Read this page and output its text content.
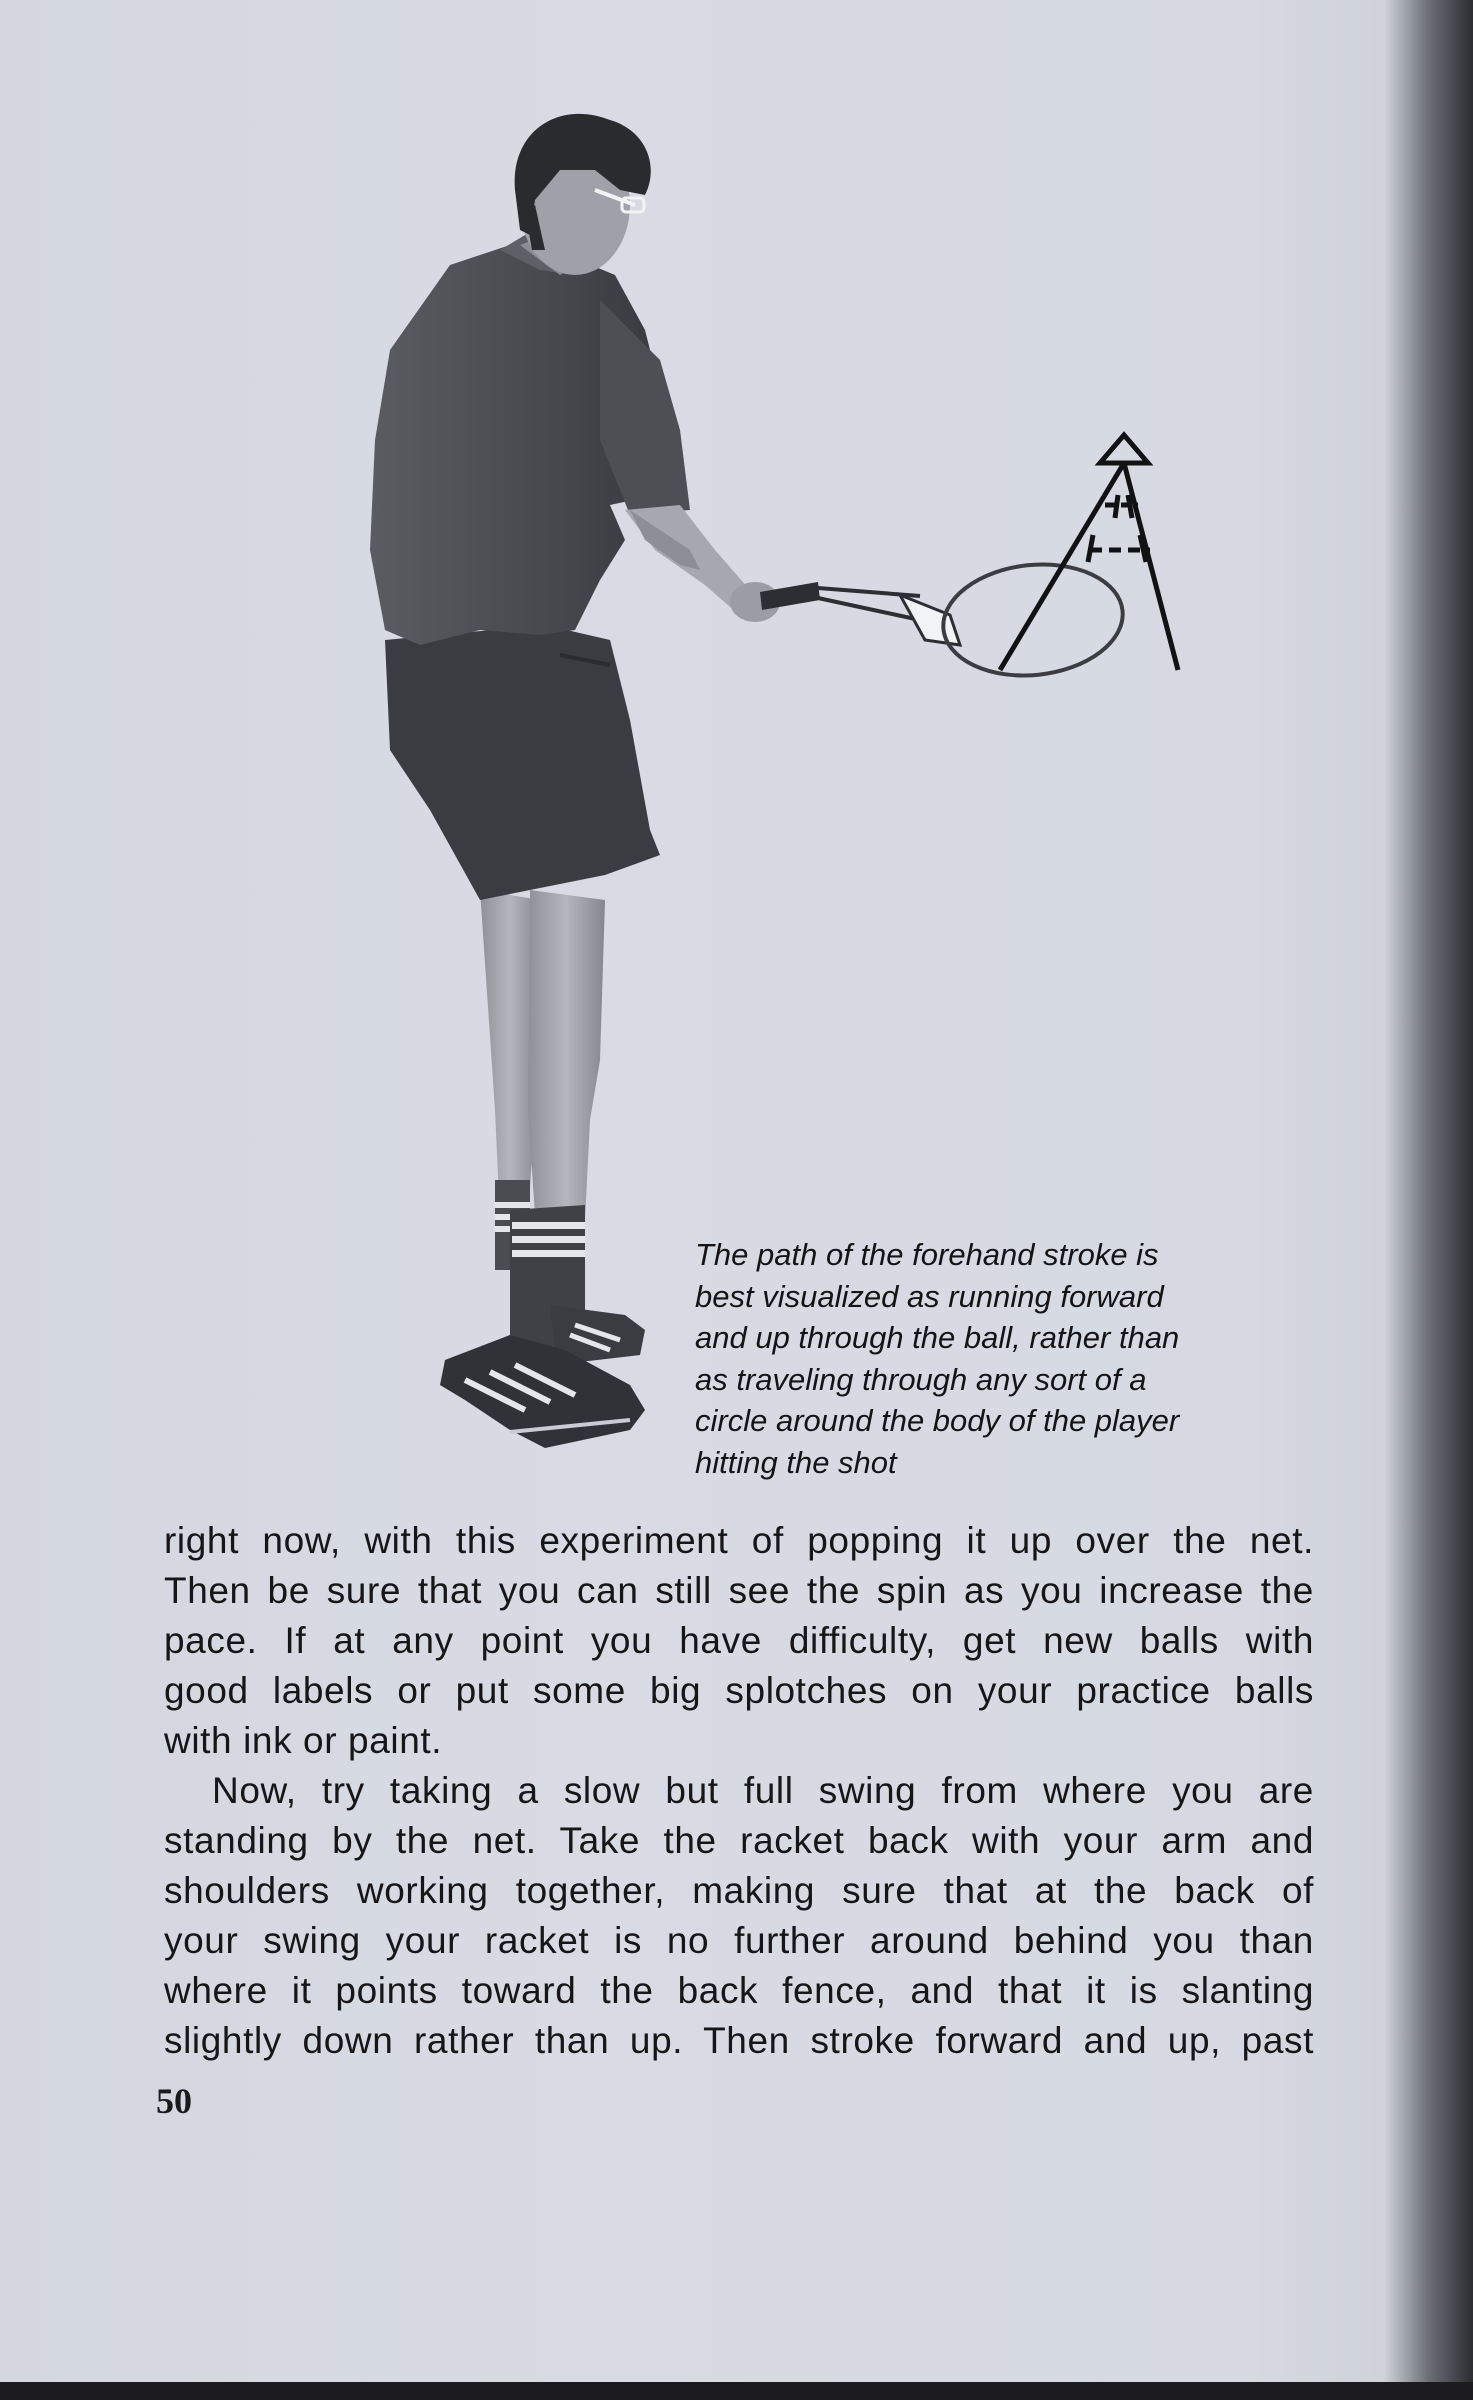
The path of the forehand stroke is
best visualized as running forward
and up through the ball, rather than
as traveling through any sort of a
circle around the body of the player
hitting the shot
right now, with this experiment of popping it up over the net.
Then be sure that you can still see the spin as you increase the
pace. If at any point you have difficulty, get new balls with
good labels or put some big splotches on your practice balls
with ink or paint.
Now, try taking a slow but full swing from where you are
standing by the net. Take the racket back with your arm and
shoulders working together, making sure that at the back of
your swing your racket is no further around behind you than
where it points toward the back fence, and that it is slanting
slightly down rather than up. Then stroke forward and up, past
50
